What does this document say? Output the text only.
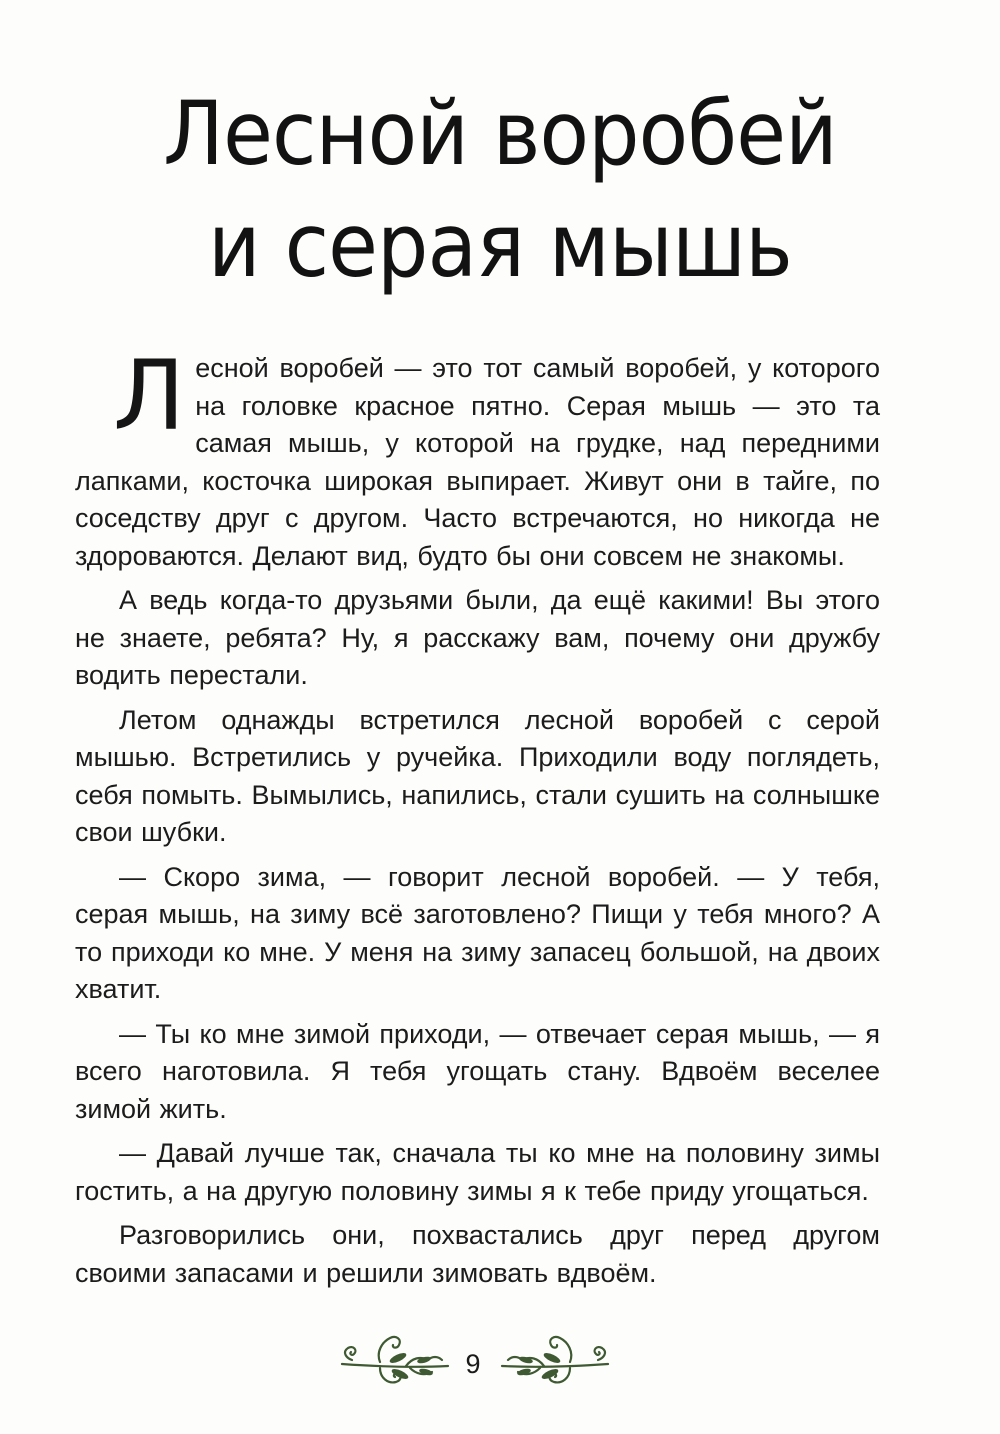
Лесной воробей
и серая мышь

Лесной воробей — это тот самый воробей, у которого на головке красное пятно. Серая мышь — это та самая мышь, у которой на грудке, над передними лапками, косточка широкая выпирает. Живут они в тайге, по соседству друг с другом. Часто встречаются, но никогда не здороваются. Делают вид, будто бы они совсем не знакомы.

А ведь когда-то друзьями были, да ещё какими! Вы этого не знаете, ребята? Ну, я расскажу вам, почему они дружбу водить перестали.

Летом однажды встретился лесной воробей с серой мышью. Встретились у ручейка. Приходили воду поглядеть, себя помыть. Вымылись, напились, стали сушить на солнышке свои шубки.

— Скоро зима, — говорит лесной воробей. — У тебя, серая мышь, на зиму всё заготовлено? Пищи у тебя много? А то приходи ко мне. У меня на зиму запасец большой, на двоих хватит.

— Ты ко мне зимой приходи, — отвечает серая мышь, — я всего наготовила. Я тебя угощать стану. Вдвоём веселее зимой жить.

— Давай лучше так, сначала ты ко мне на половину зимы гостить, а на другую половину зимы я к тебе приду угощаться.

Разговорились они, похвастались друг перед другом своими запасами и решили зимовать вдвоём.

9
